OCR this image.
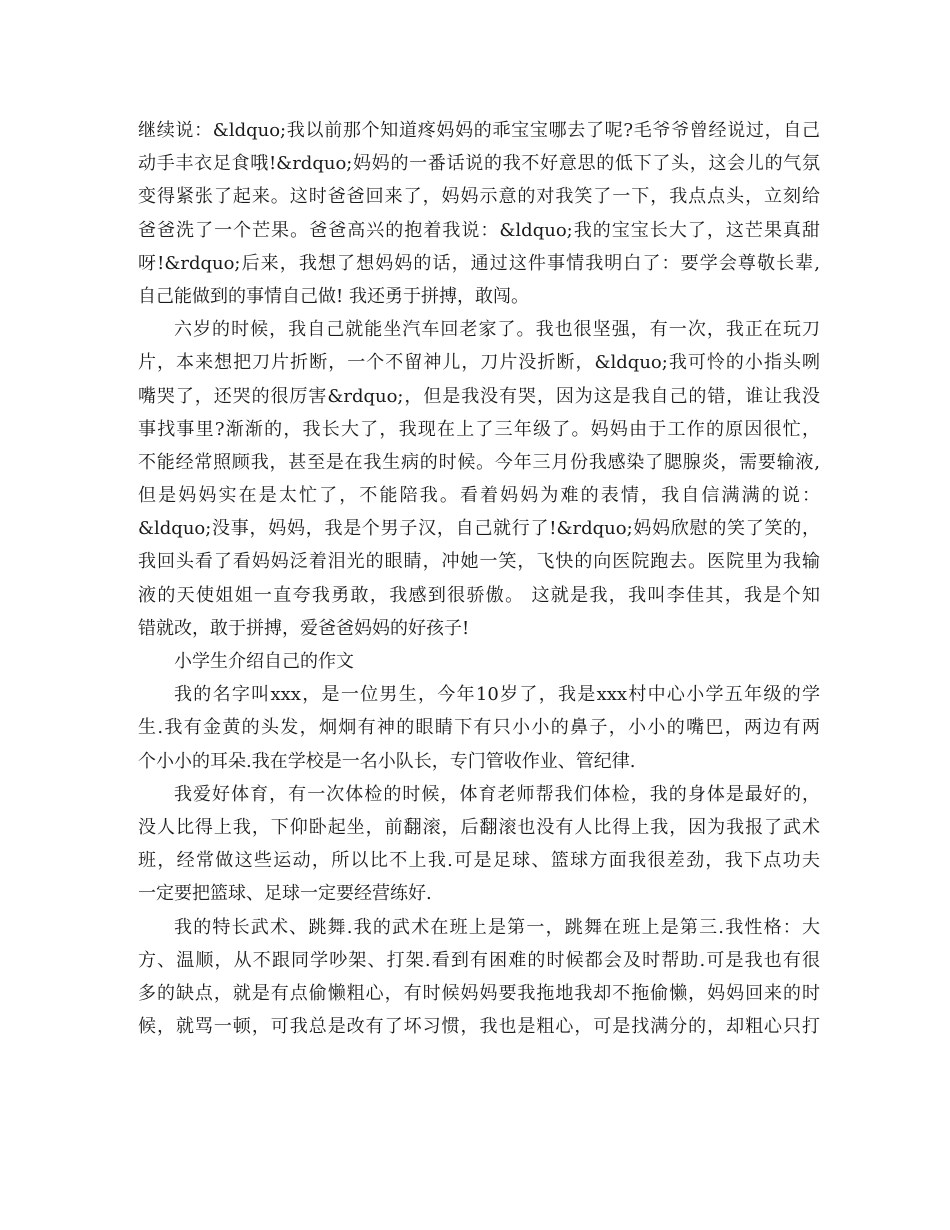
继续说：&ldquo;我以前那个知道疼妈妈的乖宝宝哪去了呢?毛爷爷曾经说过，自己
动手丰衣足食哦!&rdquo;妈妈的一番话说的我不好意思的低下了头，这会儿的气氛
变得紧张了起来。这时爸爸回来了，妈妈示意的对我笑了一下，我点点头，立刻给
爸爸洗了一个芒果。爸爸高兴的抱着我说：&ldquo;我的宝宝长大了，这芒果真甜
呀!&rdquo;后来，我想了想妈妈的话，通过这件事情我明白了：要学会尊敬长辈,
自己能做到的事情自己做! 我还勇于拼搏，敢闯。
六岁的时候，我自己就能坐汽车回老家了。我也很坚强，有一次，我正在玩刀
片，本来想把刀片折断，一个不留神儿，刀片没折断，&ldquo;我可怜的小指头咧
嘴哭了，还哭的很厉害&rdquo;，但是我没有哭，因为这是我自己的错，谁让我没
事找事里?渐渐的，我长大了，我现在上了三年级了。妈妈由于工作的原因很忙，
不能经常照顾我，甚至是在我生病的时候。今年三月份我感染了腮腺炎，需要输液,
但是妈妈实在是太忙了，不能陪我。看着妈妈为难的表情，我自信满满的说：
&ldquo;没事，妈妈，我是个男子汉，自己就行了!&rdquo;妈妈欣慰的笑了笑的，
我回头看了看妈妈泛着泪光的眼睛，冲她一笑，飞快的向医院跑去。医院里为我输
液的天使姐姐一直夸我勇敢，我感到很骄傲。 这就是我，我叫李佳其，我是个知
错就改，敢于拼搏，爱爸爸妈妈的好孩子!
小学生介绍自己的作文
我的名字叫xxx，是一位男生，今年10岁了，我是xxx村中心小学五年级的学
生.我有金黄的头发，炯炯有神的眼睛下有只小小的鼻子，小小的嘴巴，两边有两
个小小的耳朵.我在学校是一名小队长，专门管收作业、管纪律.
我爱好体育，有一次体检的时候，体育老师帮我们体检，我的身体是最好的，
没人比得上我，下仰卧起坐，前翻滚，后翻滚也没有人比得上我，因为我报了武术
班，经常做这些运动，所以比不上我.可是足球、篮球方面我很差劲，我下点功夫
一定要把篮球、足球一定要经营练好.
我的特长武术、跳舞.我的武术在班上是第一，跳舞在班上是第三.我性格：大
方、温顺，从不跟同学吵架、打架.看到有困难的时候都会及时帮助.可是我也有很
多的缺点，就是有点偷懒粗心，有时候妈妈要我拖地我却不拖偷懒，妈妈回来的时
候，就骂一顿，可我总是改有了坏习惯，我也是粗心，可是找满分的，却粗心只打
